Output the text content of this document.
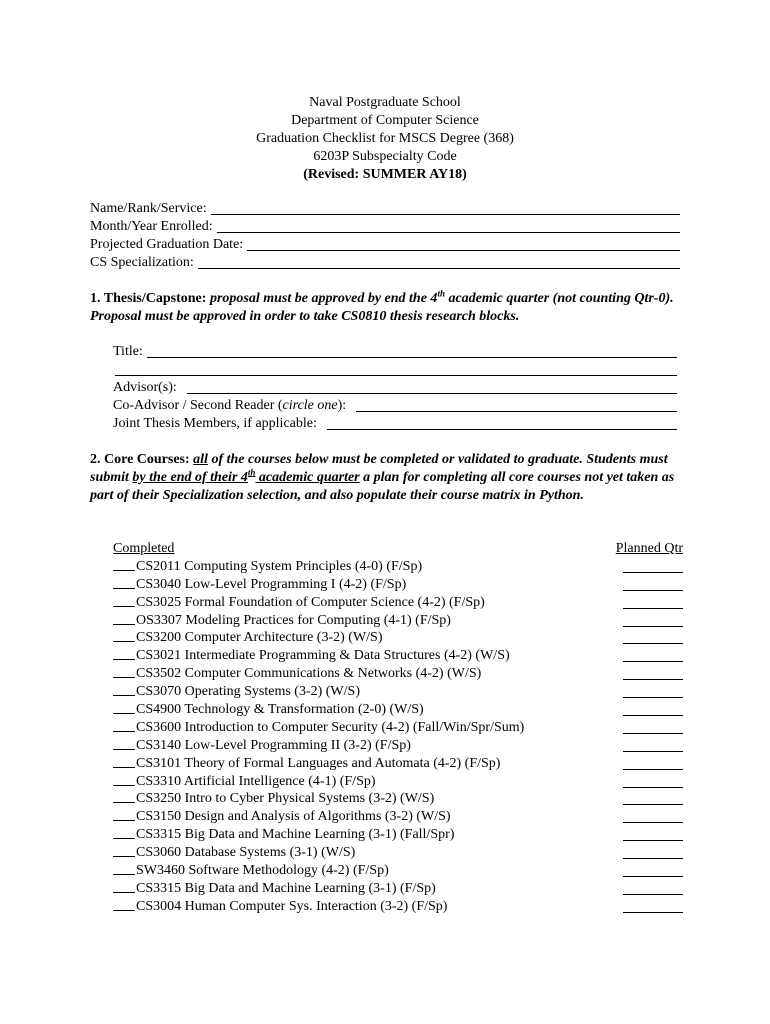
Naval Postgraduate School
Department of Computer Science
Graduation Checklist for MSCS Degree (368)
6203P Subspecialty Code
(Revised: SUMMER AY18)
Name/Rank/Service:
Month/Year Enrolled:
Projected Graduation Date:
CS Specialization:
1. Thesis/Capstone: proposal must be approved by end the 4th academic quarter (not counting Qtr-0). Proposal must be approved in order to take CS0810 thesis research blocks.
Title:
Advisor(s):
Co-Advisor / Second Reader (circle one):
Joint Thesis Members, if applicable:
2. Core Courses: all of the courses below must be completed or validated to graduate. Students must submit by the end of their 4th academic quarter a plan for completing all core courses not yet taken as part of their Specialization selection, and also populate their course matrix in Python.
Completed	Planned Qtr
CS2011 Computing System Principles (4-0) (F/Sp)
CS3040 Low-Level Programming I (4-2) (F/Sp)
CS3025 Formal Foundation of Computer Science (4-2) (F/Sp)
OS3307 Modeling Practices for Computing (4-1) (F/Sp)
CS3200 Computer Architecture (3-2) (W/S)
CS3021 Intermediate Programming & Data Structures (4-2) (W/S)
CS3502 Computer Communications & Networks (4-2) (W/S)
CS3070 Operating Systems (3-2) (W/S)
CS4900 Technology & Transformation (2-0) (W/S)
CS3600 Introduction to Computer Security (4-2) (Fall/Win/Spr/Sum)
CS3140 Low-Level Programming II (3-2) (F/Sp)
CS3101 Theory of Formal Languages and Automata (4-2) (F/Sp)
CS3310 Artificial Intelligence (4-1) (F/Sp)
CS3250 Intro to Cyber Physical Systems (3-2) (W/S)
CS3150 Design and Analysis of Algorithms (3-2) (W/S)
CS3315 Big Data and Machine Learning (3-1) (Fall/Spr)
CS3060 Database Systems (3-1) (W/S)
SW3460 Software Methodology (4-2) (F/Sp)
CS3315 Big Data and Machine Learning (3-1) (F/Sp)
CS3004 Human Computer Sys. Interaction (3-2) (F/Sp)
